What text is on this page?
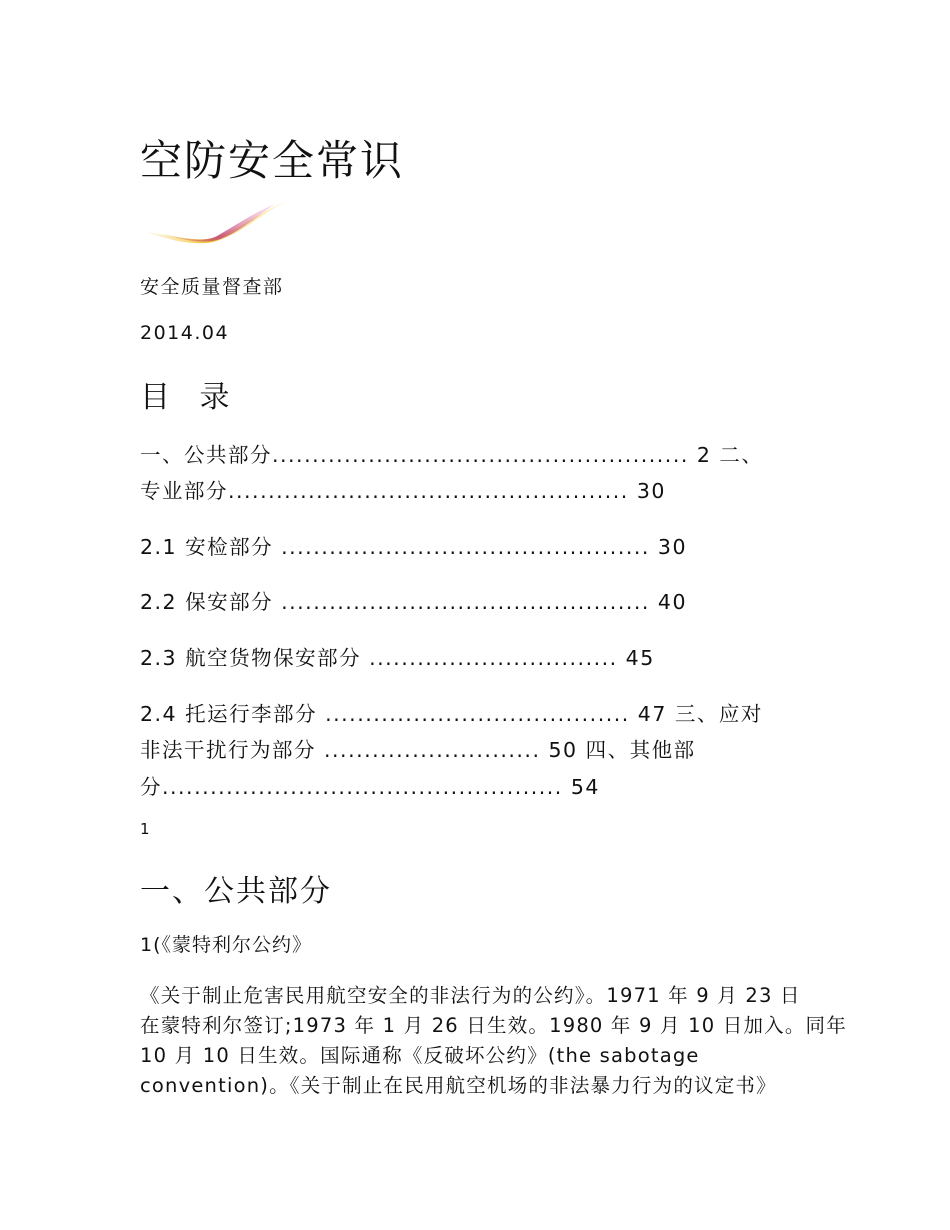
空防安全常识

安全质量督查部

2014.04

目 录

一、公共部分.................................................... 2 二、

专业部分.................................................. 30

2.1 安检部分 .............................................. 30

2.2 保安部分 .............................................. 40

2.3 航空货物保安部分 ............................... 45

2.4 托运行李部分 ...................................... 47 三、应对

非法干扰行为部分 ........................... 50 四、其他部

分.................................................. 54

1

一、公共部分

1(《蒙特利尔公约》

《关于制止危害民用航空安全的非法行为的公约》。1971 年 9 月 23 日

在蒙特利尔签订;1973 年 1 月 26 日生效。1980 年 9 月 10 日加入。同年

10 月 10 日生效。国际通称《反破坏公约》(the sabotage

convention)。《关于制止在民用航空机场的非法暴力行为的议定书》
